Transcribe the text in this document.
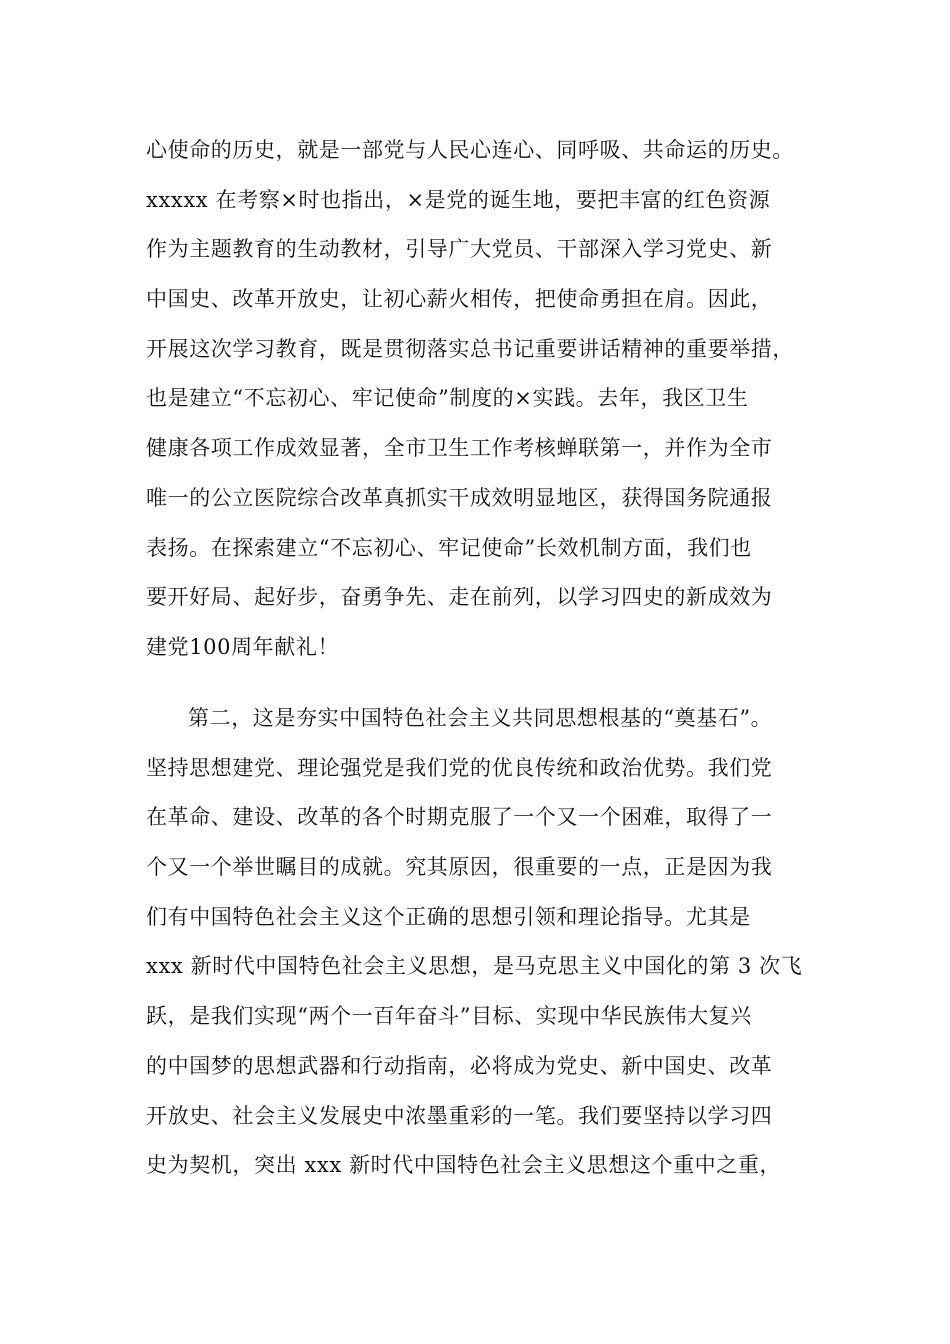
心使命的历史，就是一部党与人民心连心、同呼吸、共命运的历史。
xxxxx 在考察×时也指出，×是党的诞生地，要把丰富的红色资源
作为主题教育的生动教材，引导广大党员、干部深入学习党史、新
中国史、改革开放史，让初心薪火相传，把使命勇担在肩。因此，
开展这次学习教育，既是贯彻落实总书记重要讲话精神的重要举措，
也是建立“不忘初心、牢记使命”制度的×实践。去年，我区卫生
健康各项工作成效显著，全市卫生工作考核蝉联第一，并作为全市
唯一的公立医院综合改革真抓实干成效明显地区，获得国务院通报
表扬。在探索建立“不忘初心、牢记使命”长效机制方面，我们也
要开好局、起好步，奋勇争先、走在前列，以学习四史的新成效为
建党100周年献礼！
第二，这是夯实中国特色社会主义共同思想根基的“奠基石”。
坚持思想建党、理论强党是我们党的优良传统和政治优势。我们党
在革命、建设、改革的各个时期克服了一个又一个困难，取得了一
个又一个举世瞩目的成就。究其原因，很重要的一点，正是因为我
们有中国特色社会主义这个正确的思想引领和理论指导。尤其是
xxx 新时代中国特色社会主义思想，是马克思主义中国化的第 3 次飞
跃，是我们实现“两个一百年奋斗”目标、实现中华民族伟大复兴
的中国梦的思想武器和行动指南，必将成为党史、新中国史、改革
开放史、社会主义发展史中浓墨重彩的一笔。我们要坚持以学习四
史为契机，突出 xxx 新时代中国特色社会主义思想这个重中之重，
